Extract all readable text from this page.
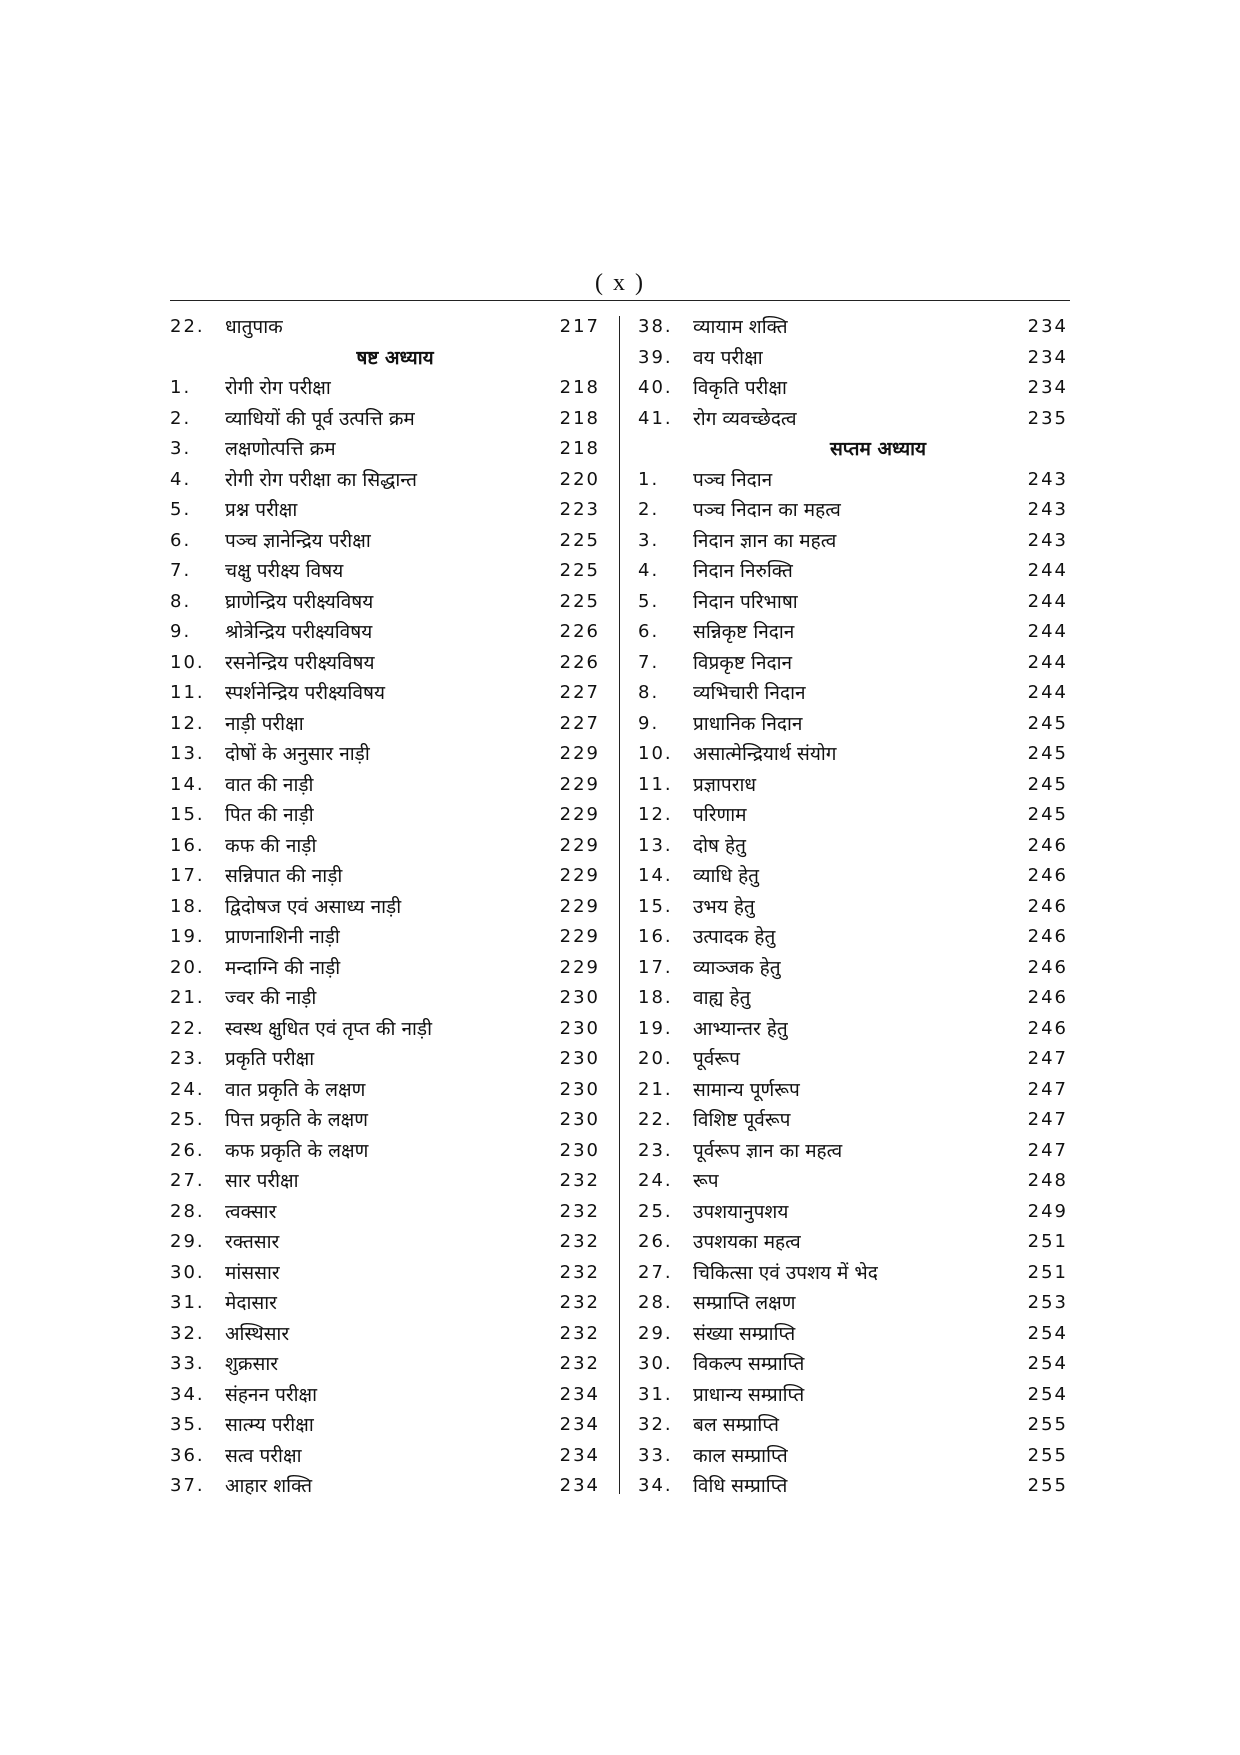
( x )
22.	धातुपाक	217
षष्ट अध्याय
1.	रोगी रोग परीक्षा	218
2.	व्याधियों की पूर्व उत्पत्ति क्रम	218
3.	लक्षणोत्पत्ति क्रम	218
4.	रोगी रोग परीक्षा का सिद्धान्त	220
5.	प्रश्न परीक्षा	223
6.	पञ्च ज्ञानेन्द्रिय परीक्षा	225
7.	चक्षु परीक्ष्य विषय	225
8.	घ्राणेन्द्रिय परीक्ष्यविषय	225
9.	श्रोत्रेन्द्रिय परीक्ष्यविषय	226
10.	रसनेन्द्रिय परीक्ष्यविषय	226
11.	स्पर्शनेन्द्रिय परीक्ष्यविषय	227
12.	नाड़ी परीक्षा	227
13.	दोषों के अनुसार नाड़ी	229
14.	वात की नाड़ी	229
15.	पित की नाड़ी	229
16.	कफ की नाड़ी	229
17.	सन्निपात की नाड़ी	229
18.	द्विदोषज एवं असाध्य नाड़ी	229
19.	प्राणनाशिनी नाड़ी	229
20.	मन्दाग्नि की नाड़ी	229
21.	ज्वर की नाड़ी	230
22.	स्वस्थ क्षुधित एवं तृप्त की नाड़ी	230
23.	प्रकृति परीक्षा	230
24.	वात प्रकृति के लक्षण	230
25.	पित्त प्रकृति के लक्षण	230
26.	कफ प्रकृति के लक्षण	230
27.	सार परीक्षा	232
28.	त्वक्सार	232
29.	रक्तसार	232
30.	मांससार	232
31.	मेदासार	232
32.	अस्थिसार	232
33.	शुक्रसार	232
34.	संहनन परीक्षा	234
35.	सात्म्य परीक्षा	234
36.	सत्व परीक्षा	234
37.	आहार शक्ति	234
38.	व्यायाम शक्ति	234
39.	वय परीक्षा	234
40.	विकृति परीक्षा	234
41.	रोग व्यवच्छेदत्व	235
सप्तम अध्याय
1.	पञ्च निदान	243
2.	पञ्च निदान का महत्व	243
3.	निदान ज्ञान का महत्व	243
4.	निदान निरुक्ति	244
5.	निदान परिभाषा	244
6.	सन्निकृष्ट निदान	244
7.	विप्रकृष्ट निदान	244
8.	व्यभिचारी निदान	244
9.	प्राधानिक निदान	245
10.	असात्मेन्द्रियार्थ संयोग	245
11.	प्रज्ञापराध	245
12.	परिणाम	245
13.	दोष हेतु	246
14.	व्याधि हेतु	246
15.	उभय हेतु	246
16.	उत्पादक हेतु	246
17.	व्याञ्जक हेतु	246
18.	वाह्य हेतु	246
19.	आभ्यान्तर हेतु	246
20.	पूर्वरूप	247
21.	सामान्य पूर्णरूप	247
22.	विशिष्ट पूर्वरूप	247
23.	पूर्वरूप ज्ञान का महत्व	247
24.	रूप	248
25.	उपशयानुपशय	249
26.	उपशयका महत्व	251
27.	चिकित्सा एवं उपशय में भेद	251
28.	सम्प्राप्ति लक्षण	253
29.	संख्या सम्प्राप्ति	254
30.	विकल्प सम्प्राप्ति	254
31.	प्राधान्य सम्प्राप्ति	254
32.	बल सम्प्राप्ति	255
33.	काल सम्प्राप्ति	255
34.	विधि सम्प्राप्ति	255
